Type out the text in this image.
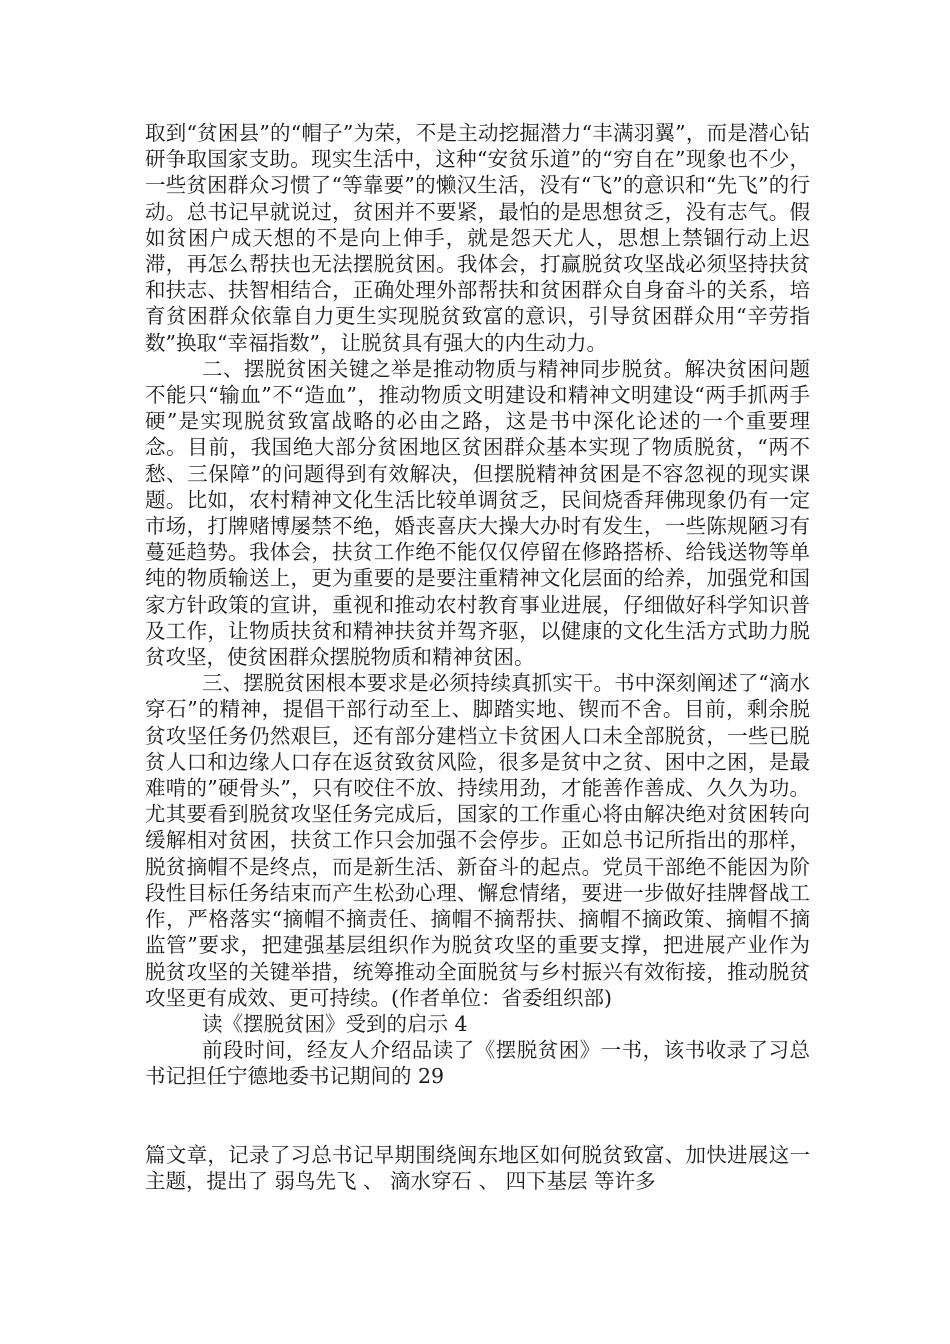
取到“贫困县”的“帽子”为荣，不是主动挖掘潜力“丰满羽翼”，而是潜心钻研争取国家支助。现实生活中，这种“安贫乐道”的“穷自在”现象也不少，一些贫困群众习惯了“等靠要”的懒汉生活，没有“飞”的意识和“先飞”的行动。总书记早就说过，贫困并不要紧，最怕的是思想贫乏，没有志气。假如贫困户成天想的不是向上伸手，就是怨天尤人，思想上禁锢行动上迟滞，再怎么帮扶也无法摆脱贫困。我体会，打赢脱贫攻坚战必须坚持扶贫和扶志、扶智相结合，正确处理外部帮扶和贫困群众自身奋斗的关系，培育贫困群众依靠自力更生实现脱贫致富的意识，引导贫困群众用“辛劳指数”换取“幸福指数”，让脱贫具有强大的内生动力。

二、摆脱贫困关键之举是推动物质与精神同步脱贫。解决贫困问题不能只“输血”不“造血”，推动物质文明建设和精神文明建设“两手抓两手硬”是实现脱贫致富战略的必由之路，这是书中深化论述的一个重要理念。目前，我国绝大部分贫困地区贫困群众基本实现了物质脱贫，“两不愁、三保障”的问题得到有效解决，但摆脱精神贫困是不容忽视的现实课题。比如，农村精神文化生活比较单调贫乏，民间烧香拜佛现象仍有一定市场，打牌赌博屡禁不绝，婚丧喜庆大操大办时有发生，一些陈规陋习有蔓延趋势。我体会，扶贫工作绝不能仅仅停留在修路搭桥、给钱送物等单纯的物质输送上，更为重要的是要注重精神文化层面的给养，加强党和国家方针政策的宣讲，重视和推动农村教育事业进展，仔细做好科学知识普及工作，让物质扶贫和精神扶贫并驾齐驱，以健康的文化生活方式助力脱贫攻坚，使贫困群众摆脱物质和精神贫困。

三、摆脱贫困根本要求是必须持续真抓实干。书中深刻阐述了“滴水穿石”的精神，提倡干部行动至上、脚踏实地、锲而不舍。目前，剩余脱贫攻坚任务仍然艰巨，还有部分建档立卡贫困人口未全部脱贫，一些已脱贫人口和边缘人口存在返贫致贫风险，很多是贫中之贫、困中之困，是最难啃的”硬骨头”，只有咬住不放、持续用劲，才能善作善成、久久为功。尤其要看到脱贫攻坚任务完成后，国家的工作重心将由解决绝对贫困转向缓解相对贫困，扶贫工作只会加强不会停步。正如总书记所指出的那样，脱贫摘帽不是终点，而是新生活、新奋斗的起点。党员干部绝不能因为阶段性目标任务结束而产生松劲心理、懈怠情绪，要进一步做好挂牌督战工作，严格落实“摘帽不摘责任、摘帽不摘帮扶、摘帽不摘政策、摘帽不摘监管”要求，把建强基层组织作为脱贫攻坚的重要支撑，把进展产业作为脱贫攻坚的关键举措，统筹推动全面脱贫与乡村振兴有效衔接，推动脱贫攻坚更有成效、更可持续。(作者单位：省委组织部)

读《摆脱贫困》受到的启示 4

前段时间，经友人介绍品读了《摆脱贫困》一书，该书收录了习总书记担任宁德地委书记期间的 29

篇文章，记录了习总书记早期围绕闽东地区如何脱贫致富、加快进展这一主题，提出了 弱鸟先飞 、 滴水穿石 、 四下基层 等许多
